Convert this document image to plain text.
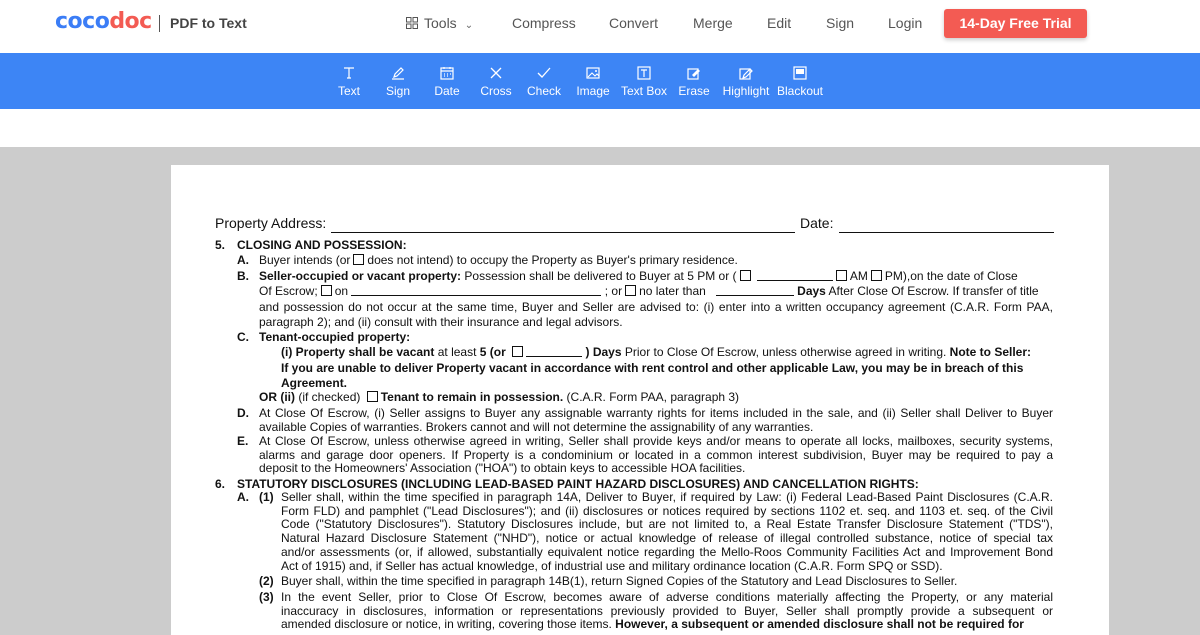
cocodoc PDF to Text	Tools ⌄	Compress Convert Merge Edit Sign Login	14-Day Free Trial
Text	Sign	Date	Cross	Check Image Text Box Erase	Highlight Blackout
Property Address:	Date:
5. CLOSING AND POSSESSION:
A. Buyer intends (or does not intend) to occupy the Property as Buyer's primary residence.
B. Seller-occupied or vacant property: Possession shall be delivered to Buyer at 5 PM or (	AM PM),on the date of Close
Of Escrow; on	; or no later than	Days After Close Of Escrow. If transfer of title
and possession do not occur at the same time, Buyer and Seller are advised to: (i) enter into a written occupancy agreement (C.A.R. Form PAA,
paragraph 2); and (ii) consult with their insurance and legal advisors.
C. Tenant-occupied property:
(i) Property shall be vacant at least 5 (or	) Days Prior to Close Of Escrow, unless otherwise agreed in writing. Note to Seller:
If you are unable to deliver Property vacant in accordance with rent control and other applicable Law, you may be in breach of this
Agreement.
OR (ii) (if checked) Tenant to remain in possession. (C.A.R. Form PAA, paragraph 3)
D. At Close Of Escrow, (i) Seller assigns to Buyer any assignable warranty rights for items included in the sale, and (ii) Seller shall Deliver to Buyer
available Copies of warranties. Brokers cannot and will not determine the assignability of any warranties.
E. At Close Of Escrow, unless otherwise agreed in writing, Seller shall provide keys and/or means to operate all locks, mailboxes, security systems,
alarms and garage door openers. If Property is a condominium or located in a common interest subdivision, Buyer may be required to pay a
deposit to the Homeowners' Association ("HOA") to obtain keys to accessible HOA facilities.
6. STATUTORY DISCLOSURES (INCLUDING LEAD-BASED PAINT HAZARD DISCLOSURES) AND CANCELLATION RIGHTS:
A. (1) Seller shall, within the time specified in paragraph 14A, Deliver to Buyer, if required by Law: (i) Federal Lead-Based Paint Disclosures (C.A.R.
Form FLD) and pamphlet ("Lead Disclosures"); and (ii) disclosures or notices required by sections 1102 et. seq. and 1103 et. seq. of the Civil
Code ("Statutory Disclosures"). Statutory Disclosures include, but are not limited to, a Real Estate Transfer Disclosure Statement ("TDS"),
Natural Hazard Disclosure Statement ("NHD"), notice or actual knowledge of release of illegal controlled substance, notice of special tax
and/or assessments (or, if allowed, substantially equivalent notice regarding the Mello-Roos Community Facilities Act and Improvement Bond
Act of 1915) and, if Seller has actual knowledge, of industrial use and military ordinance location (C.A.R. Form SPQ or SSD).
(2) Buyer shall, within the time specified in paragraph 14B(1), return Signed Copies of the Statutory and Lead Disclosures to Seller.
(3) In the event Seller, prior to Close Of Escrow, becomes aware of adverse conditions materially affecting the Property, or any material
inaccuracy in disclosures, information or representations previously provided to Buyer, Seller shall promptly provide a subsequent or
amended disclosure or notice, in writing, covering those items. However, a subsequent or amended disclosure shall not be required for
